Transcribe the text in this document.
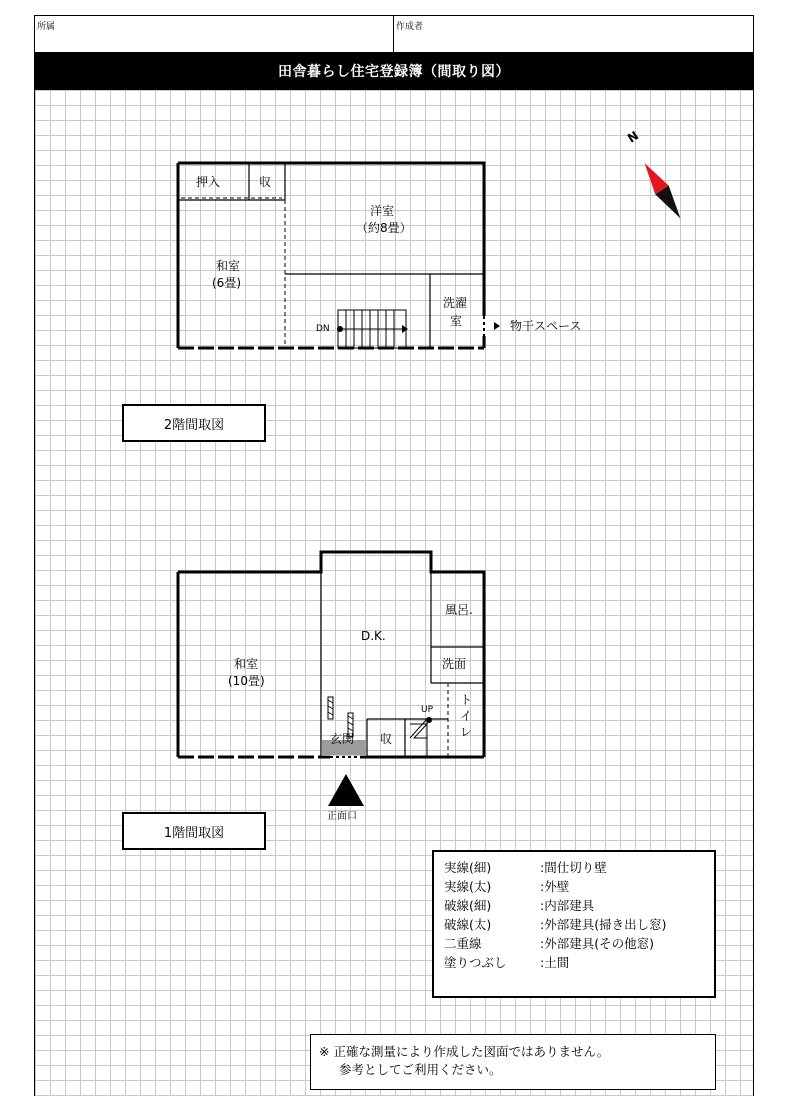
所属	作成者
田舎暮らし住宅登録簿（間取り図）
押入	収
洋室
（約8畳）
和室
(6畳)
洗濯
室
DN	物干スペース
2階間取図
風呂.
D.K.
洗面
和室
(10畳)
トイレ
UP
玄関 収
正面口
1階間取図
N
実線(細)	:間仕切り壁
実線(太)	:外壁
破線(細)	:内部建具
破線(太)	:外部建具(掃き出し窓)
二重線	:外部建具(その他窓)
塗りつぶし	:土間
※ 正確な測量により作成した図面ではありません。
参考としてご利用ください。
